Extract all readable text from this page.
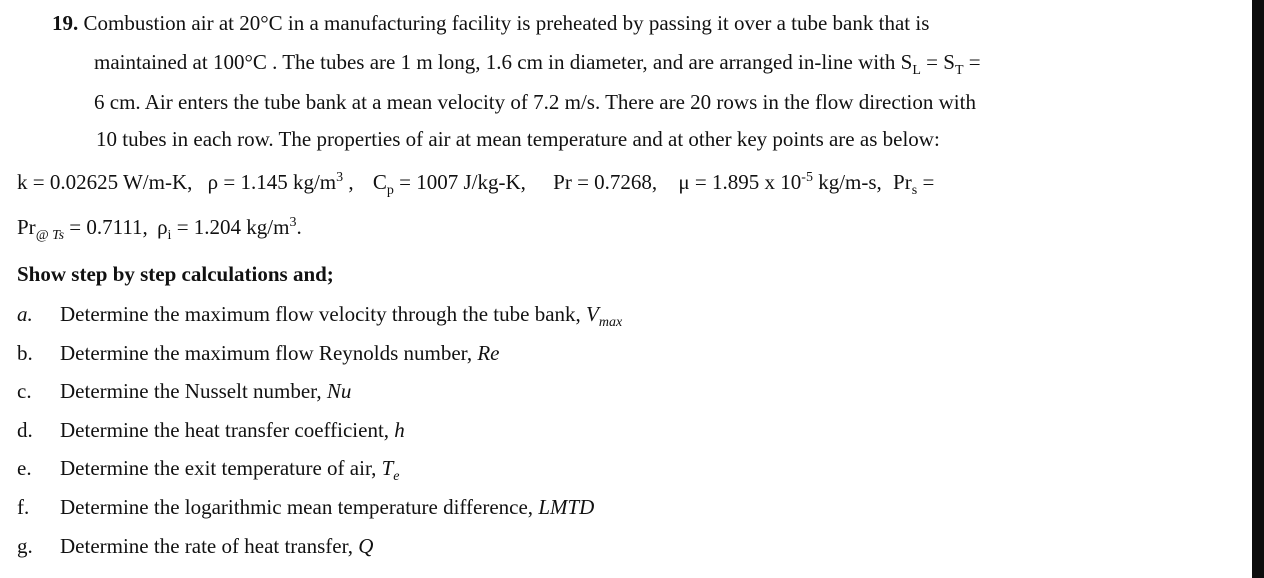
19. Combustion air at 20°C in a manufacturing facility is preheated by passing it over a tube bank that is
maintained at 100°C . The tubes are 1 m long, 1.6 cm in diameter, and are arranged in-line with $S_L = S_T$ =
6 cm. Air enters the tube bank at a mean velocity of 7.2 m/s. There are 20 rows in the flow direction with
10 tubes in each row. The properties of air at mean temperature and at other key points are as below:
k = 0.02625 W/m-K, ρ = 1.145 $kg/m^3$ , $C_p = 1007$ J/kg-K, Pr = 0.7268, μ = 1.895 x $10^{-5}$ kg/m-s, $Pr_s$ =
$Pr_{@ Ts} = 0.7111$, $\rho_i = 1.204$ $kg/m^3$.
Show step by step calculations and;
a. Determine the maximum flow velocity through the tube bank, $V_{max}$
b. Determine the maximum flow Reynolds number, Re
c. Determine the Nusselt number, Nu
d. Determine the heat transfer coefficient, h
e. Determine the exit temperature of air, $T_e$
f. Determine the logarithmic mean temperature difference, LMTD
g. Determine the rate of heat transfer, Q
